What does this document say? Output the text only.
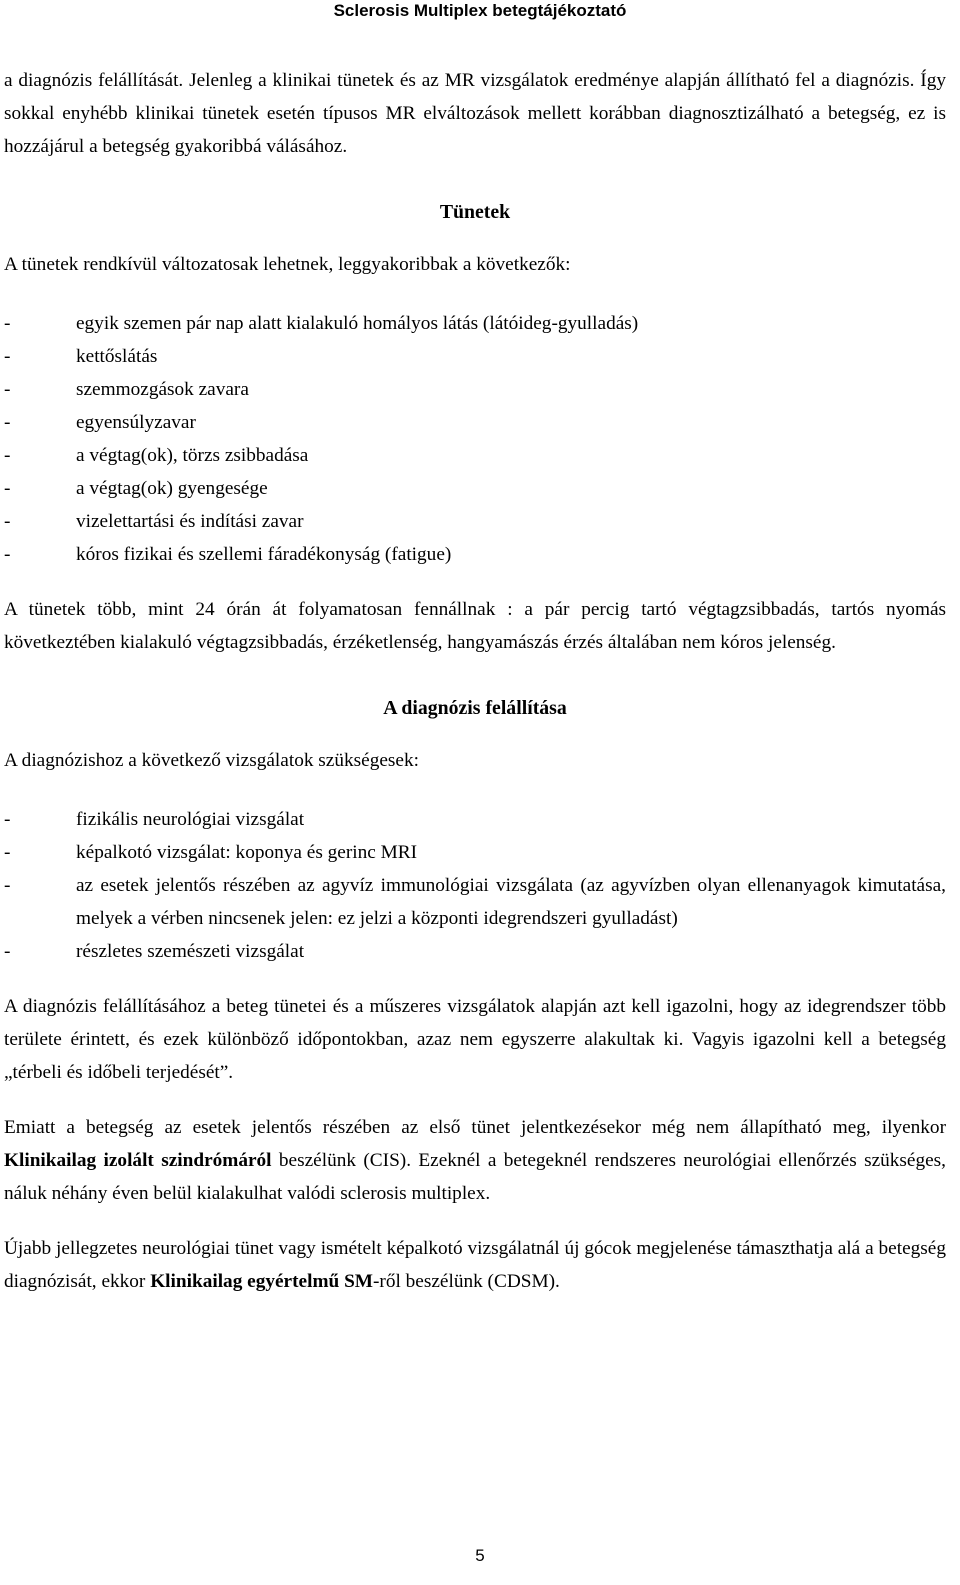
Sclerosis Multiplex betegtájékoztató

a diagnózis felállítását. Jelenleg a klinikai tünetek és az MR vizsgálatok eredménye alapján állítható fel a diagnózis. Így sokkal enyhébb klinikai tünetek esetén típusos MR elváltozások mellett korábban diagnosztizálható a betegség, ez is hozzájárul a betegség gyakoribbá válásához.

Tünetek

A tünetek rendkívül változatosak lehetnek, leggyakoribbak a következők:

-	egyik szemen pár nap alatt kialakuló homályos látás (látóideg-gyulladás)
-	kettőslátás
-	szemmozgások zavara
-	egyensúlyzavar
-	a végtag(ok), törzs zsibbadása
-	a végtag(ok) gyengesége
-	vizelettartási és indítási zavar
-	kóros fizikai és szellemi fáradékonyság (fatigue)

A tünetek több, mint 24 órán át folyamatosan fennállnak : a pár percig tartó végtagzsibbadás, tartós nyomás következtében kialakuló végtagzsibbadás, érzéketlenség, hangyamászás érzés általában nem kóros jelenség.

A diagnózis felállítása

A diagnózishoz a következő vizsgálatok szükségesek:

-	fizikális neurológiai vizsgálat
-	képalkotó vizsgálat: koponya és gerinc MRI
-	az esetek jelentős részében az agyvíz immunológiai vizsgálata (az agyvízben olyan ellenanyagok kimutatása, melyek a vérben nincsenek jelen: ez jelzi a központi idegrendszeri gyulladást)
-	részletes szemészeti vizsgálat

A diagnózis felállításához a beteg tünetei és a műszeres vizsgálatok alapján azt kell igazolni, hogy az idegrendszer több területe érintett, és ezek különböző időpontokban, azaz nem egyszerre alakultak ki. Vagyis igazolni kell a betegség „térbeli és időbeli terjedését”.

Emiatt a betegség az esetek jelentős részében az első tünet jelentkezésekor még nem állapítható meg, ilyenkor Klinikailag izolált szindrómáról beszélünk (CIS). Ezeknél a betegeknél rendszeres neurológiai ellenőrzés szükséges, náluk néhány éven belül kialakulhat valódi sclerosis multiplex.

Újabb jellegzetes neurológiai tünet vagy ismételt képalkotó vizsgálatnál új gócok megjelenése támaszthatja alá a betegség diagnózisát, ekkor Klinikailag egyértelmű SM-ről beszélünk (CDSM).

5
